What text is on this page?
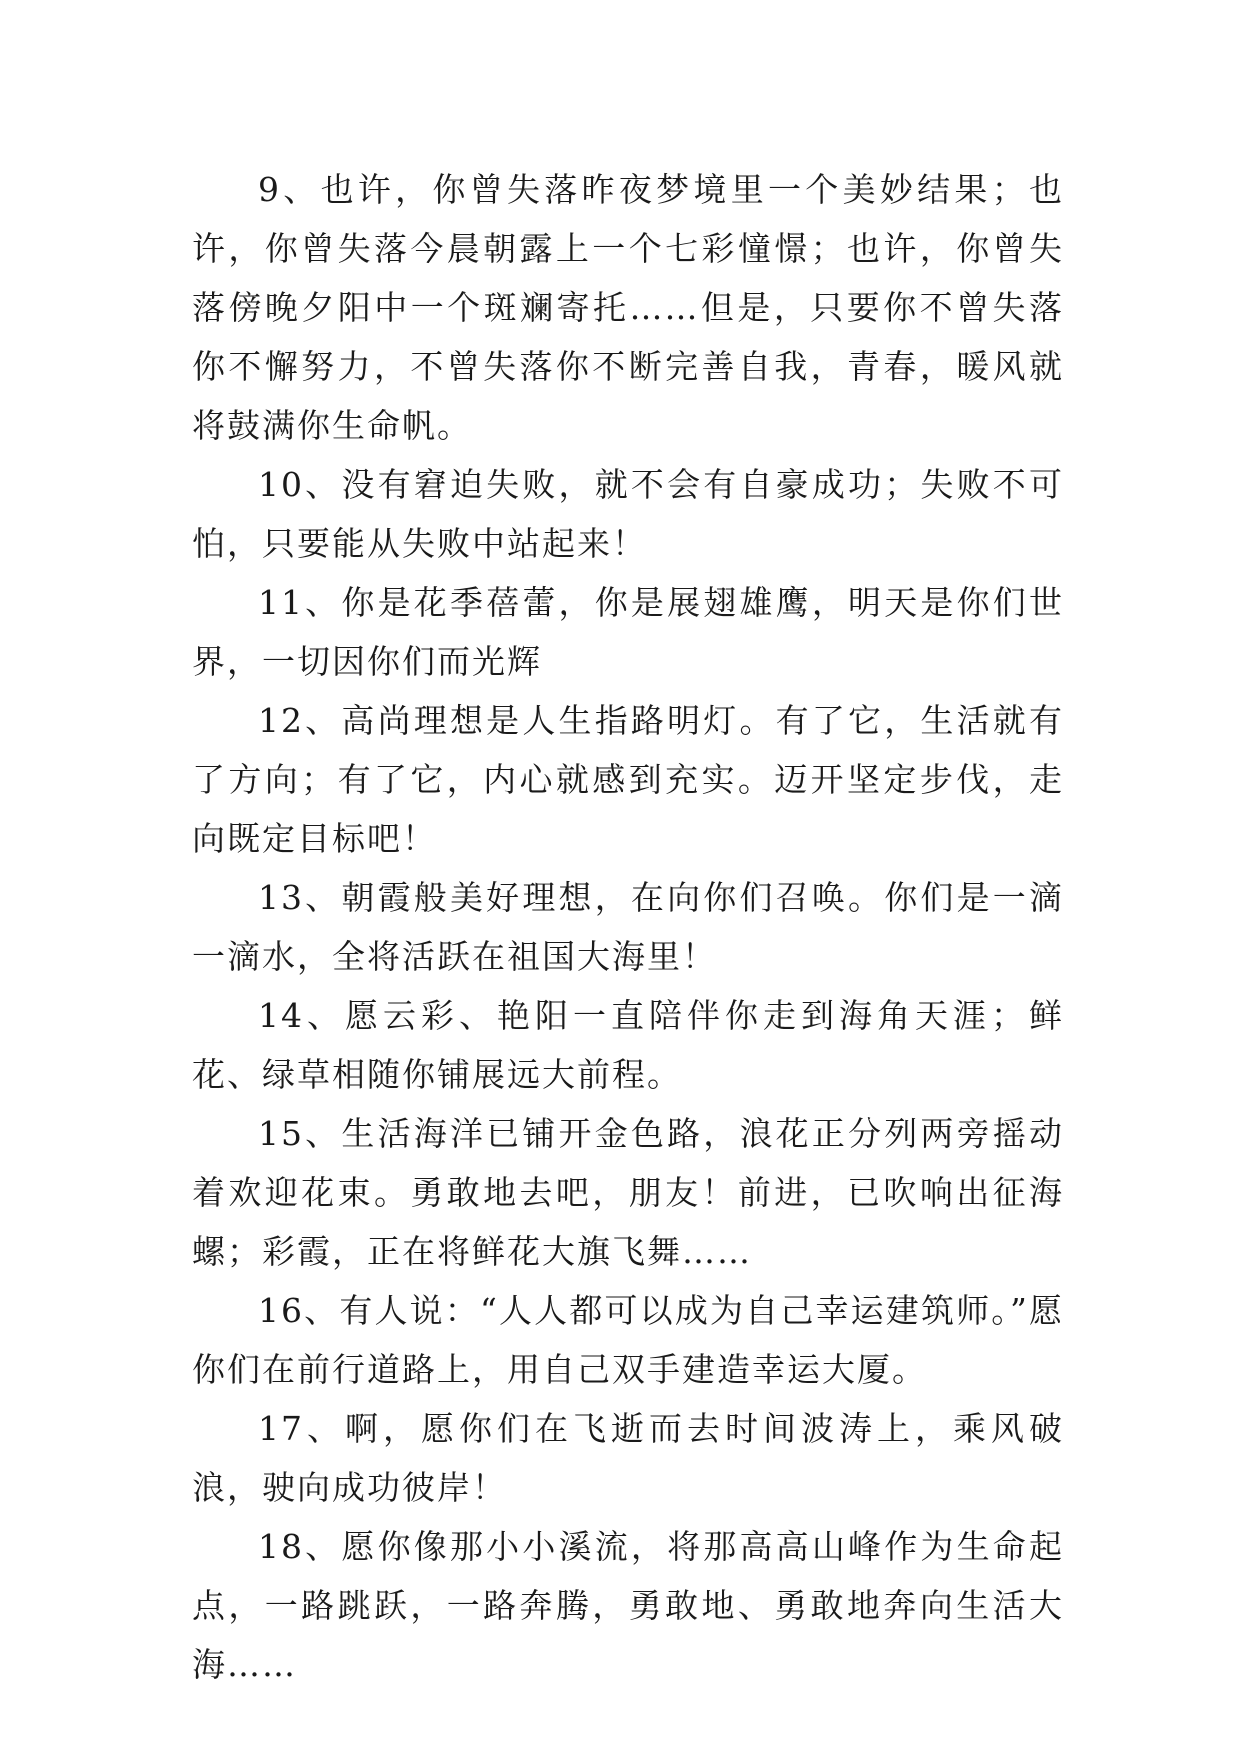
9、也许，你曾失落昨夜梦境里一个美妙结果；也许，你曾失落今晨朝露上一个七彩憧憬；也许，你曾失落傍晚夕阳中一个斑斓寄托……但是，只要你不曾失落你不懈努力，不曾失落你不断完善自我，青春，暖风就将鼓满你生命帆。

10、没有窘迫失败，就不会有自豪成功；失败不可怕，只要能从失败中站起来！

11、你是花季蓓蕾，你是展翅雄鹰，明天是你们世界，一切因你们而光辉

12、高尚理想是人生指路明灯。有了它，生活就有了方向；有了它，内心就感到充实。迈开坚定步伐，走向既定目标吧！

13、朝霞般美好理想，在向你们召唤。你们是一滴一滴水，全将活跃在祖国大海里！

14、愿云彩、艳阳一直陪伴你走到海角天涯；鲜花、绿草相随你铺展远大前程。

15、生活海洋已铺开金色路，浪花正分列两旁摇动着欢迎花束。勇敢地去吧，朋友！前进，已吹响出征海螺；彩霞，正在将鲜花大旗飞舞……

16、有人说：“人人都可以成为自己幸运建筑师。”愿你们在前行道路上，用自己双手建造幸运大厦。

17、啊，愿你们在飞逝而去时间波涛上，乘风破浪，驶向成功彼岸！

18、愿你像那小小溪流，将那高高山峰作为生命起点，一路跳跃，一路奔腾，勇敢地、勇敢地奔向生活大海……
